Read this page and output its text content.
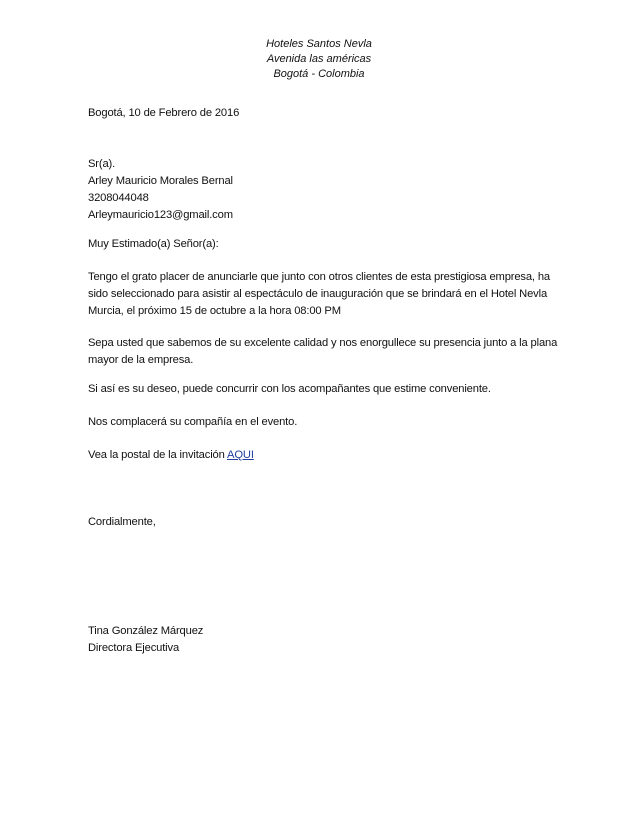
Hoteles Santos Nevla
Avenida las américas
Bogotá - Colombia
Bogotá, 10 de Febrero de 2016
Sr(a).
Arley Mauricio Morales Bernal
3208044048
Arleymauricio123@gmail.com
Muy Estimado(a) Señor(a):

Tengo el grato placer de anunciarle que junto con otros clientes de esta prestigiosa empresa, ha sido seleccionado para asistir al espectáculo de inauguración que se brindará en el Hotel Nevla Murcia, el próximo 15 de octubre a la hora 08:00 PM

Sepa usted que sabemos de su excelente calidad y nos enorgullece su presencia junto a la plana mayor de la empresa.

Si así es su deseo, puede concurrir con los acompañantes que estime conveniente.

Nos complacerá su compañía en el evento.

Vea la postal de la invitación AQUI
Cordialmente,
Tina González Márquez
Directora Ejecutiva
